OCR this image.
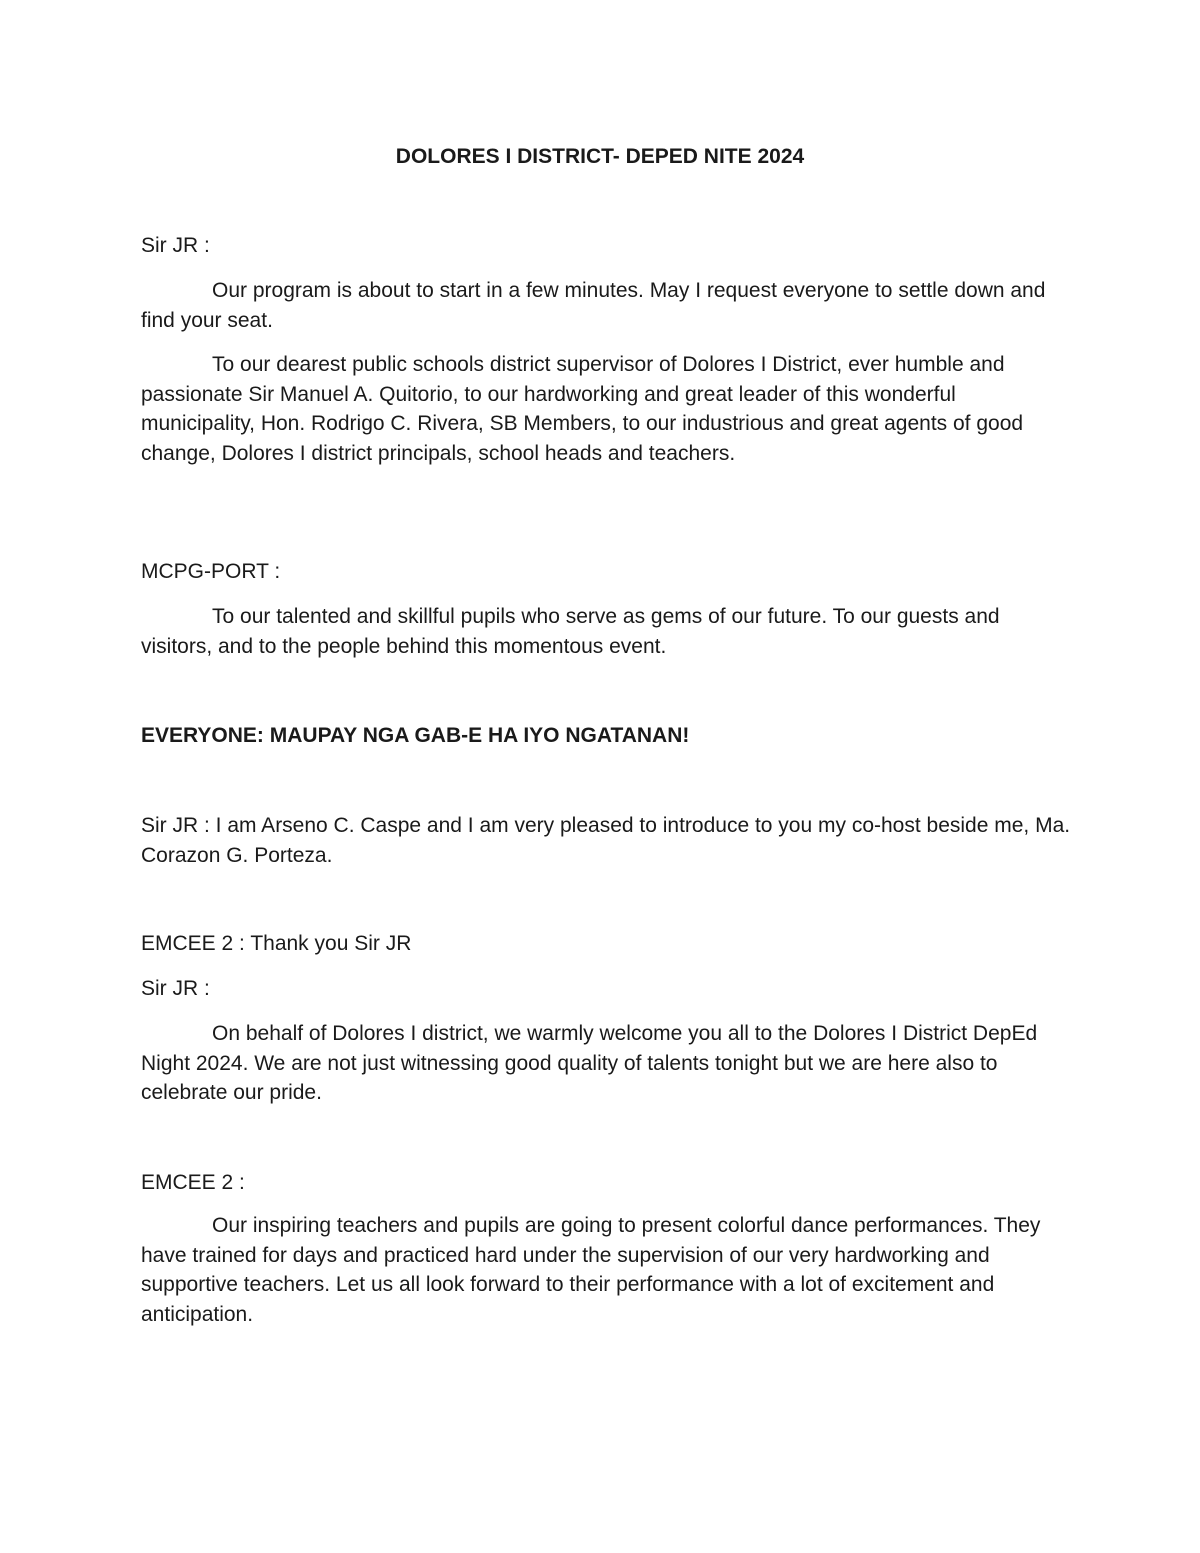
DOLORES I DISTRICT- DEPED NITE 2024

Sir JR :

Our program is about to start in a few minutes. May I request everyone to settle down and find your seat.

To our dearest public schools district supervisor of Dolores I District, ever humble and passionate Sir Manuel A. Quitorio, to our hardworking and great leader of this wonderful municipality, Hon. Rodrigo C. Rivera, SB Members, to our industrious and great agents of good change, Dolores I district principals, school heads and teachers.

MCPG-PORT :

To our talented and skillful pupils who serve as gems of our future. To our guests and visitors, and to the people behind this momentous event.

EVERYONE: MAUPAY NGA GAB-E HA IYO NGATANAN!

Sir JR : I am Arseno C. Caspe and I am very pleased to introduce to you my co-host beside me, Ma. Corazon G. Porteza.

EMCEE 2 : Thank you Sir JR

Sir JR :

On behalf of Dolores I district, we warmly welcome you all to the Dolores I District DepEd Night 2024. We are not just witnessing good quality of talents tonight but we are here also to celebrate our pride.

EMCEE 2 :

Our inspiring teachers and pupils are going to present colorful dance performances. They have trained for days and practiced hard under the supervision of our very hardworking and supportive teachers. Let us all look forward to their performance with a lot of excitement and anticipation.
